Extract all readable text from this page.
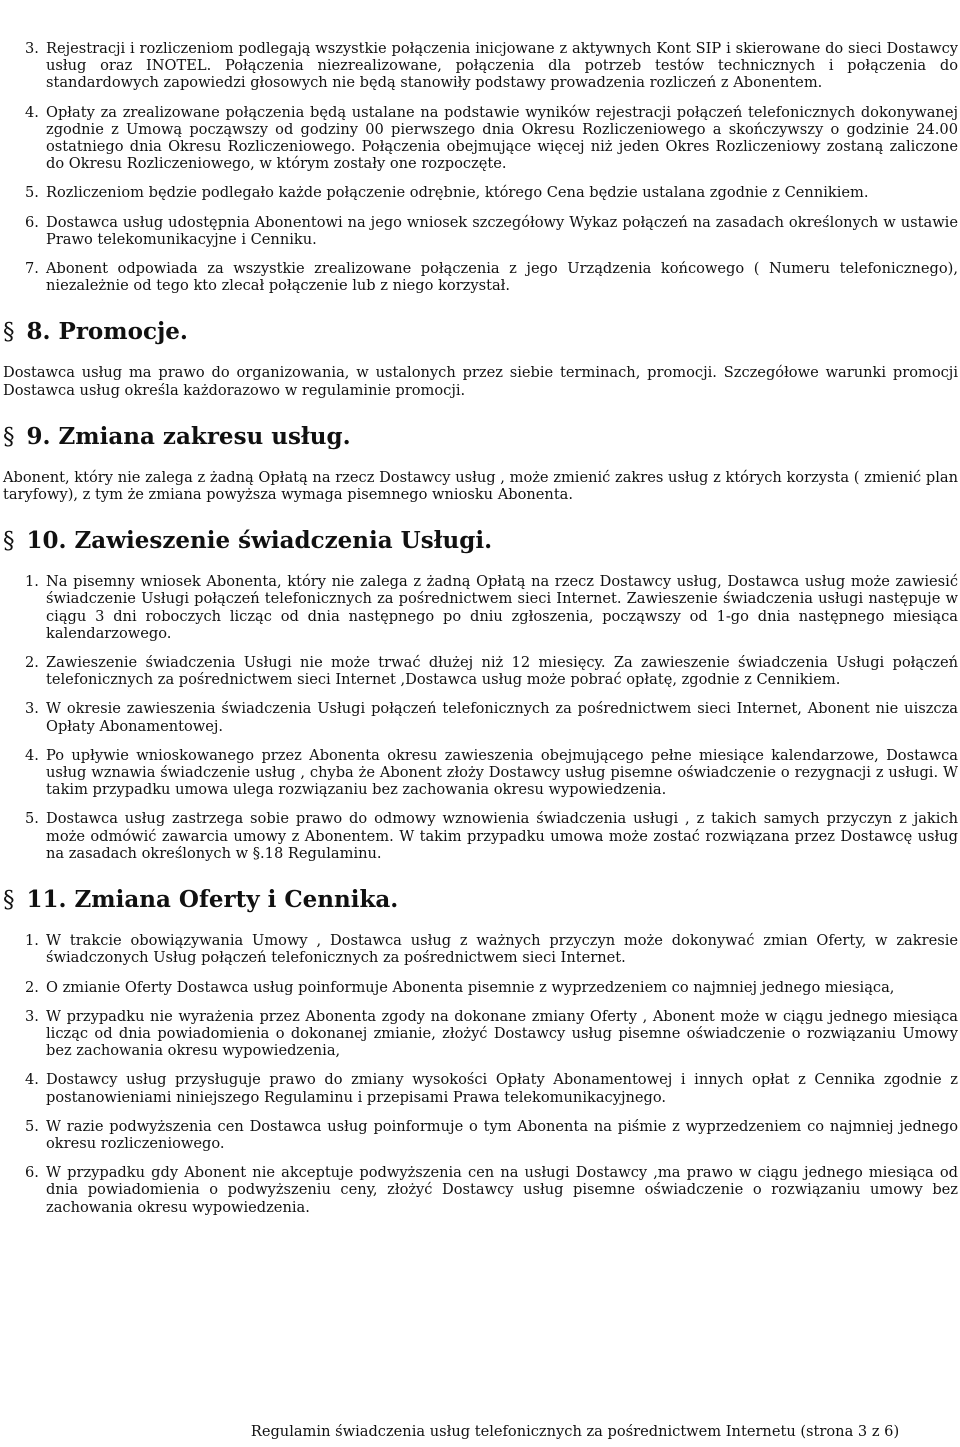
3. Rejestracji i rozliczeniom podlegają wszystkie połączenia inicjowane z aktywnych Kont SIP i skierowane do sieci Dostawcy usług oraz INOTEL. Połączenia niezrealizowane, połączenia dla potrzeb testów technicznych i połączenia do standardowych zapowiedzi głosowych nie będą stanowiły podstawy prowadzenia rozliczeń z Abonentem.
4. Opłaty za zrealizowane połączenia będą ustalane na podstawie wyników rejestracji połączeń telefonicznych dokonywanej zgodnie z Umową począwszy od godziny 00 pierwszego dnia Okresu Rozliczeniowego a skończywszy o godzinie 24.00 ostatniego dnia Okresu Rozliczeniowego. Połączenia obejmujące więcej niż jeden Okres Rozliczeniowy zostaną zaliczone do Okresu Rozliczeniowego, w którym zostały one rozpoczęte.
5. Rozliczeniom będzie podlegało każde połączenie odrębnie, którego Cena będzie ustalana zgodnie z Cennikiem.
6. Dostawca usług udostępnia Abonentowi na jego wniosek szczegółowy Wykaz połączeń na zasadach określonych w ustawie Prawo telekomunikacyjne i Cenniku.
7. Abonent odpowiada za wszystkie zrealizowane połączenia z jego Urządzenia końcowego ( Numeru telefonicznego), niezależnie od tego kto zlecał połączenie lub z niego korzystał.
§ 8. Promocje.

Dostawca usług ma prawo do organizowania, w ustalonych przez siebie terminach, promocji. Szczegółowe warunki promocji Dostawca usług określa każdorazowo w regulaminie promocji.

§ 9. Zmiana zakresu usług.

Abonent, który nie zalega z żadną Opłatą na rzecz Dostawcy usług , może zmienić zakres usług z których korzysta ( zmienić plan taryfowy), z tym że zmiana powyższa wymaga pisemnego wniosku Abonenta.

§ 10. Zawieszenie świadczenia Usługi.
1. Na pisemny wniosek Abonenta, który nie zalega z żadną Opłatą na rzecz Dostawcy usług, Dostawca usług może zawiesić świadczenie Usługi połączeń telefonicznych za pośrednictwem sieci Internet. Zawieszenie świadczenia usługi następuje w ciągu 3 dni roboczych licząc od dnia następnego po dniu zgłoszenia, począwszy od 1-go dnia następnego miesiąca kalendarzowego.
2. Zawieszenie świadczenia Usługi nie może trwać dłużej niż 12 miesięcy. Za zawieszenie świadczenia Usługi połączeń telefonicznych za pośrednictwem sieci Internet ,Dostawca usług może pobrać opłatę, zgodnie z Cennikiem.
3. W okresie zawieszenia świadczenia Usługi połączeń telefonicznych za pośrednictwem sieci Internet, Abonent nie uiszcza Opłaty Abonamentowej.
4. Po upływie wnioskowanego przez Abonenta okresu zawieszenia obejmującego pełne miesiące kalendarzowe, Dostawca usług wznawia świadczenie usług , chyba że Abonent złoży Dostawcy usług pisemne oświadczenie o rezygnacji z usługi. W takim przypadku umowa ulega rozwiązaniu bez zachowania okresu wypowiedzenia.
5. Dostawca usług zastrzega sobie prawo do odmowy wznowienia świadczenia usługi , z takich samych przyczyn z jakich może odmówić zawarcia umowy z Abonentem. W takim przypadku umowa może zostać rozwiązana przez Dostawcę usług na zasadach określonych w §.18 Regulaminu.
§ 11. Zmiana Oferty i Cennika.
1. W trakcie obowiązywania Umowy , Dostawca usług z ważnych przyczyn może dokonywać zmian Oferty, w zakresie świadczonych Usług połączeń telefonicznych za pośrednictwem sieci Internet.
2. O zmianie Oferty Dostawca usług poinformuje Abonenta pisemnie z wyprzedzeniem co najmniej jednego miesiąca,
3. W przypadku nie wyrażenia przez Abonenta zgody na dokonane zmiany Oferty , Abonent może w ciągu jednego miesiąca licząc od dnia powiadomienia o dokonanej zmianie, złożyć Dostawcy usług pisemne oświadczenie o rozwiązaniu Umowy bez zachowania okresu wypowiedzenia,
4. Dostawcy usług przysługuje prawo do zmiany wysokości Opłaty Abonamentowej i innych opłat z Cennika zgodnie z postanowieniami niniejszego Regulaminu i przepisami Prawa telekomunikacyjnego.
5. W razie podwyższenia cen Dostawca usług poinformuje o tym Abonenta na piśmie z wyprzedzeniem co najmniej jednego okresu rozliczeniowego.
6. W przypadku gdy Abonent nie akceptuje podwyższenia cen na usługi Dostawcy ,ma prawo w ciągu jednego miesiąca od dnia powiadomienia o podwyższeniu ceny, złożyć Dostawcy usług pisemne oświadczenie o rozwiązaniu umowy bez zachowania okresu wypowiedzenia.
Regulamin świadczenia usług telefonicznych za pośrednictwem Internetu (strona 3 z 6)
